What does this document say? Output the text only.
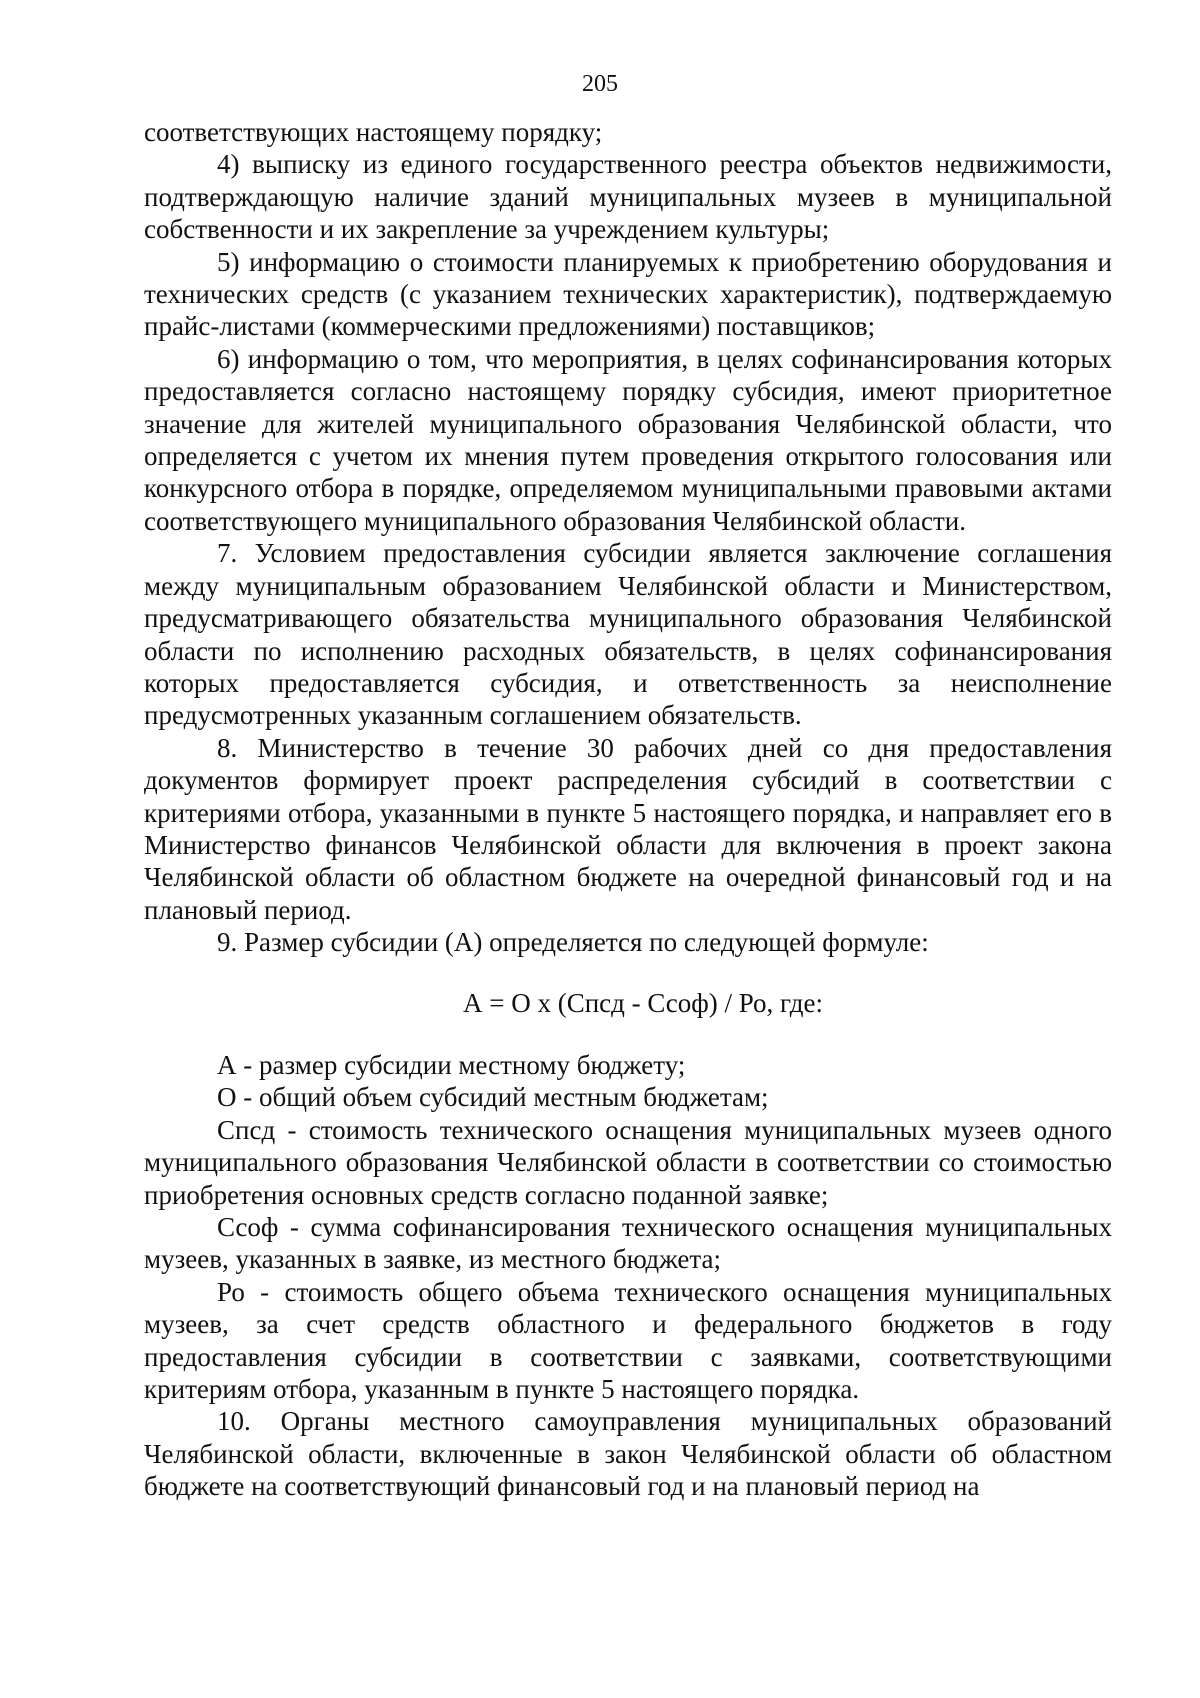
205

соответствующих настоящему порядку;

4) выписку из единого государственного реестра объектов недвижимости, подтверждающую наличие зданий муниципальных музеев в муниципальной собственности и их закрепление за учреждением культуры;

5) информацию о стоимости планируемых к приобретению оборудования и технических средств (с указанием технических характеристик), подтверждаемую прайс-листами (коммерческими предложениями) поставщиков;

6) информацию о том, что мероприятия, в целях софинансирования которых предоставляется согласно настоящему порядку субсидия, имеют приоритетное значение для жителей муниципального образования Челябинской области, что определяется с учетом их мнения путем проведения открытого голосования или конкурсного отбора в порядке, определяемом муниципальными правовыми актами соответствующего муниципального образования Челябинской области.

7. Условием предоставления субсидии является заключение соглашения между муниципальным образованием Челябинской области и Министерством, предусматривающего обязательства муниципального образования Челябинской области по исполнению расходных обязательств, в целях софинансирования которых предоставляется субсидия, и ответственность за неисполнение предусмотренных указанным соглашением обязательств.

8. Министерство в течение 30 рабочих дней со дня предоставления документов формирует проект распределения субсидий в соответствии с критериями отбора, указанными в пункте 5 настоящего порядка, и направляет его в Министерство финансов Челябинской области для включения в проект закона Челябинской области об областном бюджете на очередной финансовый год и на плановый период.

9. Размер субсидии (А) определяется по следующей формуле:

А = О х (Спсд - Ссоф) / Ро, где:

А - размер субсидии местному бюджету;

О - общий объем субсидий местным бюджетам;

Спсд - стоимость технического оснащения муниципальных музеев одного муниципального образования Челябинской области в соответствии со стоимостью приобретения основных средств согласно поданной заявке;

Ссоф - сумма софинансирования технического оснащения муниципальных музеев, указанных в заявке, из местного бюджета;

Ро - стоимость общего объема технического оснащения муниципальных музеев, за счет средств областного и федерального бюджетов в году предоставления субсидии в соответствии с заявками, соответствующими критериям отбора, указанным в пункте 5 настоящего порядка.

10. Органы местного самоуправления муниципальных образований Челябинской области, включенные в закон Челябинской области об областном бюджете на соответствующий финансовый год и на плановый период на
